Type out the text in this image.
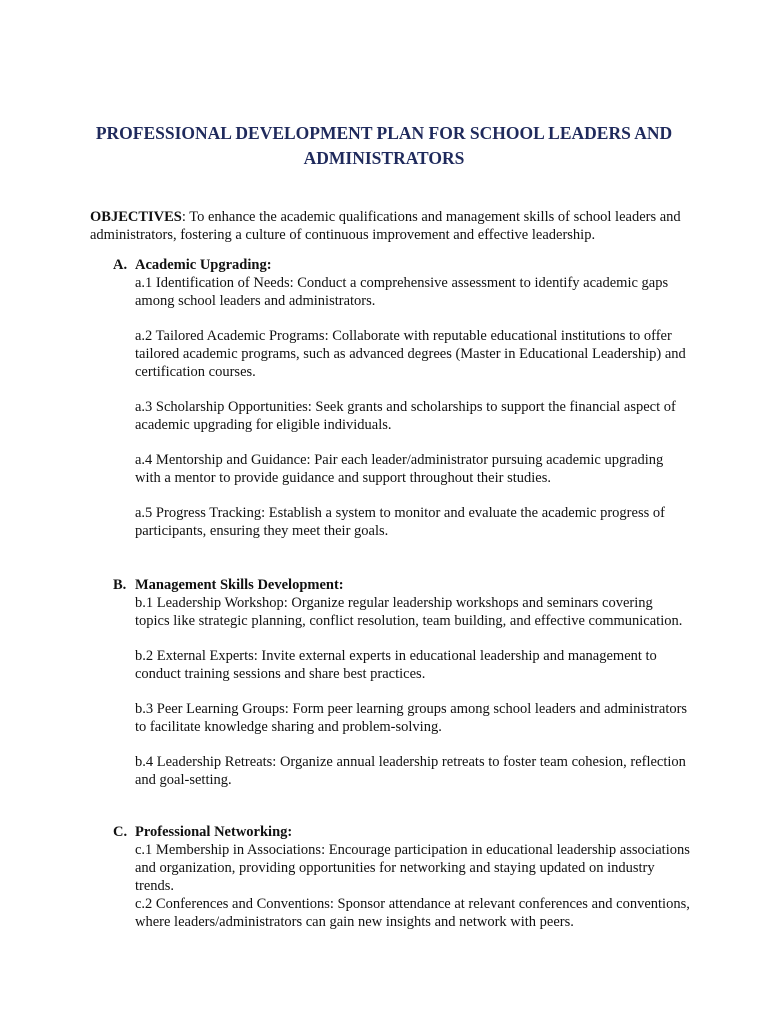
PROFESSIONAL DEVELOPMENT PLAN FOR SCHOOL LEADERS AND
ADMINISTRATORS
OBJECTIVES: To enhance the academic qualifications and management skills of school leaders and administrators, fostering a culture of continuous improvement and effective leadership.
A. Academic Upgrading:

a.1 Identification of Needs: Conduct a comprehensive assessment to identify academic gaps among school leaders and administrators.

a.2 Tailored Academic Programs: Collaborate with reputable educational institutions to offer tailored academic programs, such as advanced degrees (Master in Educational Leadership) and certification courses.

a.3 Scholarship Opportunities: Seek grants and scholarships to support the financial aspect of academic upgrading for eligible individuals.

a.4 Mentorship and Guidance: Pair each leader/administrator pursuing academic upgrading with a mentor to provide guidance and support throughout their studies.

a.5 Progress Tracking: Establish a system to monitor and evaluate the academic progress of participants, ensuring they meet their goals.

B. Management Skills Development:

b.1 Leadership Workshop: Organize regular leadership workshops and seminars covering topics like strategic planning, conflict resolution, team building, and effective communication.

b.2 External Experts: Invite external experts in educational leadership and management to conduct training sessions and share best practices.

b.3 Peer Learning Groups: Form peer learning groups among school leaders and administrators to facilitate knowledge sharing and problem-solving.

b.4 Leadership Retreats: Organize annual leadership retreats to foster team cohesion, reflection and goal-setting.

C. Professional Networking:

c.1 Membership in Associations: Encourage participation in educational leadership associations and organization, providing opportunities for networking and staying updated on industry trends.

c.2 Conferences and Conventions: Sponsor attendance at relevant conferences and conventions, where leaders/administrators can gain new insights and network with peers.
